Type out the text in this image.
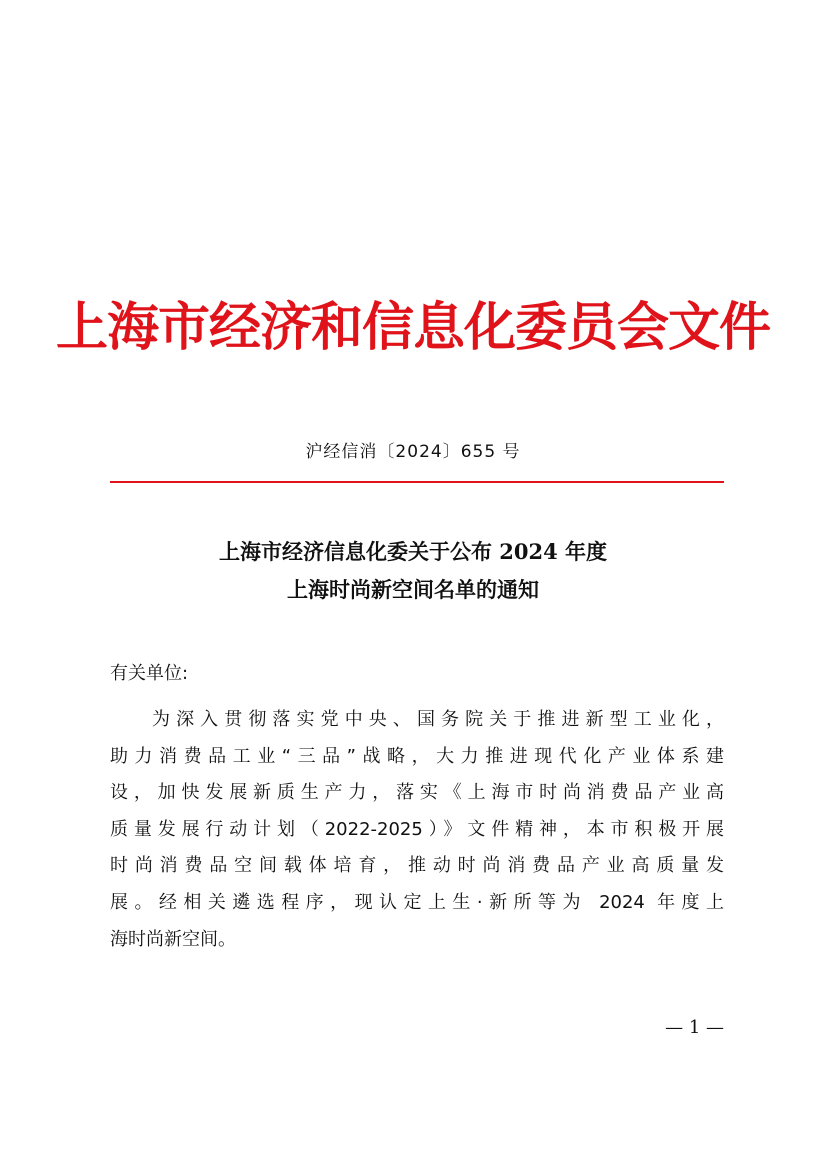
上海市经济和信息化委员会文件
沪经信消〔2024〕655 号
上海市经济信息化委关于公布 2024 年度
上海时尚新空间名单的通知
有关单位:
为深入贯彻落实党中央、国务院关于推进新型工业化，
助力消费品工业“三品”战略，大力推进现代化产业体系建
设，加快发展新质生产力，落实《上海市时尚消费品产业高
质量发展行动计划（2022-2025）》文件精神，本市积极开展
时尚消费品空间载体培育，推动时尚消费品产业高质量发
展。经相关遴选程序，现认定上生·新所等为 2024 年度上
海时尚新空间。
— 1 —
